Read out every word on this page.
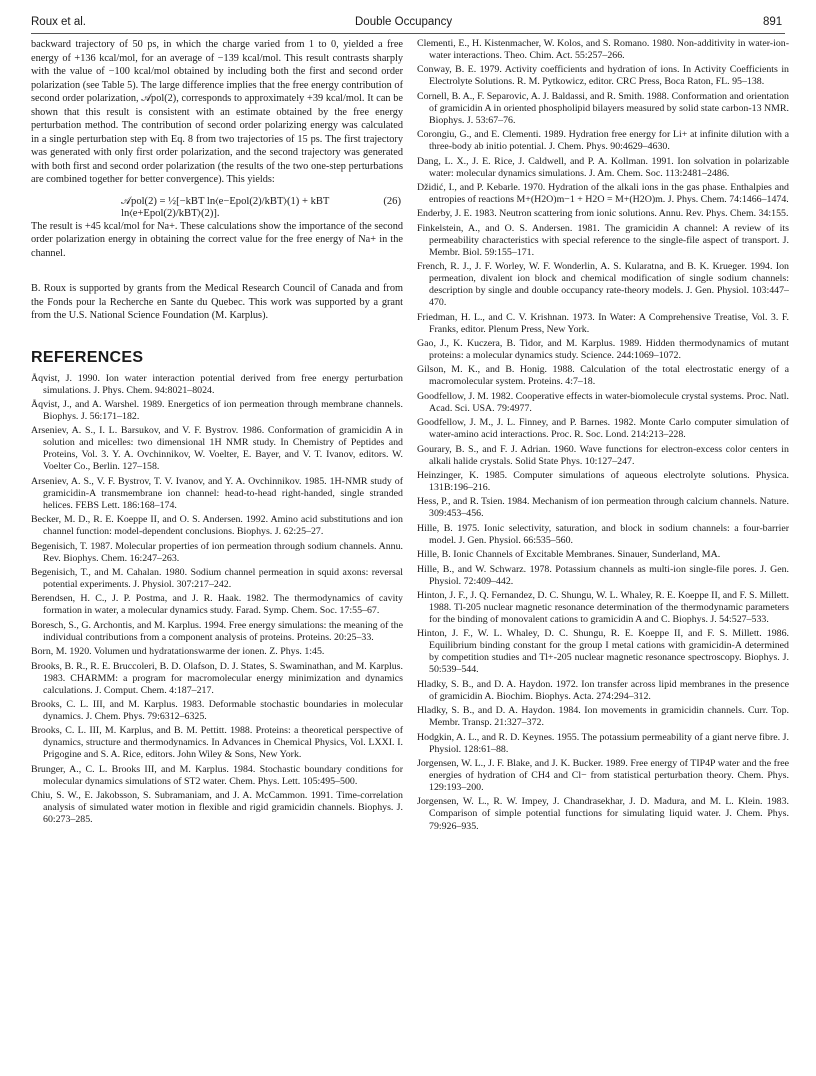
Roux et al.	Double Occupancy	891

backward trajectory of 50 ps, in which the charge varied from 1 to 0, yielded a free energy of +136 kcal/mol, for an average of −139 kcal/mol. This result contrasts sharply with the value of −100 kcal/mol obtained by including both the first and second order polarization (see Table 5). The large difference implies that the free energy contribution of second order polarization, 𝒜pol(2), corresponds to approximately +39 kcal/mol. It can be shown that this result is consistent with an estimate obtained by the free energy perturbation method. The contribution of second order polarizing energy was calculated in a single perturbation step with Eq. 8 from two trajectories of 15 ps. The first trajectory was generated with only first order polarization, and the second trajectory was generated with both first and second order polarization (the results of the two one-step perturbations are combined together for better convergence). This yields:

𝒜pol(2) = ½[−kBT ln⟨e−Epol(2)/kBT⟩(1) + kBT ln⟨e+Epol(2)/kBT⟩(2)].
(26)

The result is +45 kcal/mol for Na+. These calculations show the importance of the second order polarization energy in obtaining the correct value for the free energy of Na+ in the channel.

B. Roux is supported by grants from the Medical Research Council of Canada and from the Fonds pour la Recherche en Sante du Quebec. This work was supported by a grant from the U.S. National Science Foundation (M. Karplus).

REFERENCES

Åqvist, J. 1990. Ion water interaction potential derived from free energy perturbation simulations. J. Phys. Chem. 94:8021–8024.

Åqvist, J., and A. Warshel. 1989. Energetics of ion permeation through membrane channels. Biophys. J. 56:171–182.

Arseniev, A. S., I. L. Barsukov, and V. F. Bystrov. 1986. Conformation of gramicidin A in solution and micelles: two dimensional 1H NMR study. In Chemistry of Peptides and Proteins, Vol. 3. Y. A. Ovchinnikov, W. Voelter, E. Bayer, and V. T. Ivanov, editors. W. Voelter Co., Berlin. 127–158.

Arseniev, A. S., V. F. Bystrov, T. V. Ivanov, and Y. A. Ovchinnikov. 1985. 1H-NMR study of gramicidin-A transmembrane ion channel: head-to-head right-handed, single stranded helices. FEBS Lett. 186:168–174.

Becker, M. D., R. E. Koeppe II, and O. S. Andersen. 1992. Amino acid substitutions and ion channel function: model-dependent conclusions. Biophys. J. 62:25–27.

Begenisich, T. 1987. Molecular properties of ion permeation through sodium channels. Annu. Rev. Biophys. Chem. 16:247–263.

Begenisich, T., and M. Cahalan. 1980. Sodium channel permeation in squid axons: reversal potential experiments. J. Physiol. 307:217–242.

Berendsen, H. C., J. P. Postma, and J. R. Haak. 1982. The thermodynamics of cavity formation in water, a molecular dynamics study. Farad. Symp. Chem. Soc. 17:55–67.

Boresch, S., G. Archontis, and M. Karplus. 1994. Free energy simulations: the meaning of the individual contributions from a component analysis of proteins. Proteins. 20:25–33.

Born, M. 1920. Volumen und hydratationswarme der ionen. Z. Phys. 1:45.

Brooks, B. R., R. E. Bruccoleri, B. D. Olafson, D. J. States, S. Swaminathan, and M. Karplus. 1983. CHARMM: a program for macromolecular energy minimization and dynamics calculations. J. Comput. Chem. 4:187–217.

Brooks, C. L. III, and M. Karplus. 1983. Deformable stochastic boundaries in molecular dynamics. J. Chem. Phys. 79:6312–6325.

Brooks, C. L. III, M. Karplus, and B. M. Pettitt. 1988. Proteins: a theoretical perspective of dynamics, structure and thermodynamics. In Advances in Chemical Physics, Vol. LXXI. I. Prigogine and S. A. Rice, editors. John Wiley & Sons, New York.

Brunger, A., C. L. Brooks III, and M. Karplus. 1984. Stochastic boundary conditions for molecular dynamics simulations of ST2 water. Chem. Phys. Lett. 105:495–500.

Chiu, S. W., E. Jakobsson, S. Subramaniam, and J. A. McCammon. 1991. Time-correlation analysis of simulated water motion in flexible and rigid gramicidin channels. Biophys. J. 60:273–285.

Clementi, E., H. Kistenmacher, W. Kolos, and S. Romano. 1980. Non-additivity in water-ion-water interactions. Theo. Chim. Act. 55:257–266.

Conway, B. E. 1979. Activity coefficients and hydration of ions. In Activity Coefficients in Electrolyte Solutions. R. M. Pytkowicz, editor. CRC Press, Boca Raton, FL. 95–138.

Cornell, B. A., F. Separovic, A. J. Baldassi, and R. Smith. 1988. Conformation and orientation of gramicidin A in oriented phospholipid bilayers measured by solid state carbon-13 NMR. Biophys. J. 53:67–76.

Corongiu, G., and E. Clementi. 1989. Hydration free energy for Li+ at infinite dilution with a three-body ab initio potential. J. Chem. Phys. 90:4629–4630.

Dang, L. X., J. E. Rice, J. Caldwell, and P. A. Kollman. 1991. Ion solvation in polarizable water: molecular dynamics simulations. J. Am. Chem. Soc. 113:2481–2486.

Džidić, I., and P. Kebarle. 1970. Hydration of the alkali ions in the gas phase. Enthalpies and entropies of reactions M+(H2O)m−1 + H2O = M+(H2O)m. J. Phys. Chem. 74:1466–1474.

Enderby, J. E. 1983. Neutron scattering from ionic solutions. Annu. Rev. Phys. Chem. 34:155.

Finkelstein, A., and O. S. Andersen. 1981. The gramicidin A channel: A review of its permeability characteristics with special reference to the single-file aspect of transport. J. Membr. Biol. 59:155–171.

French, R. J., J. F. Worley, W. F. Wonderlin, A. S. Kularatna, and B. K. Krueger. 1994. Ion permeation, divalent ion block and chemical modification of single sodium channels: description by single and double occupancy rate-theory models. J. Gen. Physiol. 103:447–470.

Friedman, H. L., and C. V. Krishnan. 1973. In Water: A Comprehensive Treatise, Vol. 3. F. Franks, editor. Plenum Press, New York.

Gao, J., K. Kuczera, B. Tidor, and M. Karplus. 1989. Hidden thermodynamics of mutant proteins: a molecular dynamics study. Science. 244:1069–1072.

Gilson, M. K., and B. Honig. 1988. Calculation of the total electrostatic energy of a macromolecular system. Proteins. 4:7–18.

Goodfellow, J. M. 1982. Cooperative effects in water-biomolecule crystal systems. Proc. Natl. Acad. Sci. USA. 79:4977.

Goodfellow, J. M., J. L. Finney, and P. Barnes. 1982. Monte Carlo computer simulation of water-amino acid interactions. Proc. R. Soc. Lond. 214:213–228.

Gourary, B. S., and F. J. Adrian. 1960. Wave functions for electron-excess color centers in alkali halide crystals. Solid State Phys. 10:127–247.

Heinzinger, K. 1985. Computer simulations of aqueous electrolyte solutions. Physica. 131B:196–216.

Hess, P., and R. Tsien. 1984. Mechanism of ion permeation through calcium channels. Nature. 309:453–456.

Hille, B. 1975. Ionic selectivity, saturation, and block in sodium channels: a four-barrier model. J. Gen. Physiol. 66:535–560.

Hille, B. Ionic Channels of Excitable Membranes. Sinauer, Sunderland, MA.

Hille, B., and W. Schwarz. 1978. Potassium channels as multi-ion single-file pores. J. Gen. Physiol. 72:409–442.

Hinton, J. F., J. Q. Fernandez, D. C. Shungu, W. L. Whaley, R. E. Koeppe II, and F. S. Millett. 1988. Tl-205 nuclear magnetic resonance determination of the thermodynamic parameters for the binding of monovalent cations to gramicidin A and C. Biophys. J. 54:527–533.

Hinton, J. F., W. L. Whaley, D. C. Shungu, R. E. Koeppe II, and F. S. Millett. 1986. Equilibrium binding constant for the group I metal cations with gramicidin-A determined by competition studies and Tl+-205 nuclear magnetic resonance spectroscopy. Biophys. J. 50:539–544.

Hladky, S. B., and D. A. Haydon. 1972. Ion transfer across lipid membranes in the presence of gramicidin A. Biochim. Biophys. Acta. 274:294–312.

Hladky, S. B., and D. A. Haydon. 1984. Ion movements in gramicidin channels. Curr. Top. Membr. Transp. 21:327–372.

Hodgkin, A. L., and R. D. Keynes. 1955. The potassium permeability of a giant nerve fibre. J. Physiol. 128:61–88.

Jorgensen, W. L., J. F. Blake, and J. K. Bucker. 1989. Free energy of TIP4P water and the free energies of hydration of CH4 and Cl− from statistical perturbation theory. Chem. Phys. 129:193–200.

Jorgensen, W. L., R. W. Impey, J. Chandrasekhar, J. D. Madura, and M. L. Klein. 1983. Comparison of simple potential functions for simulating liquid water. J. Chem. Phys. 79:926–935.
